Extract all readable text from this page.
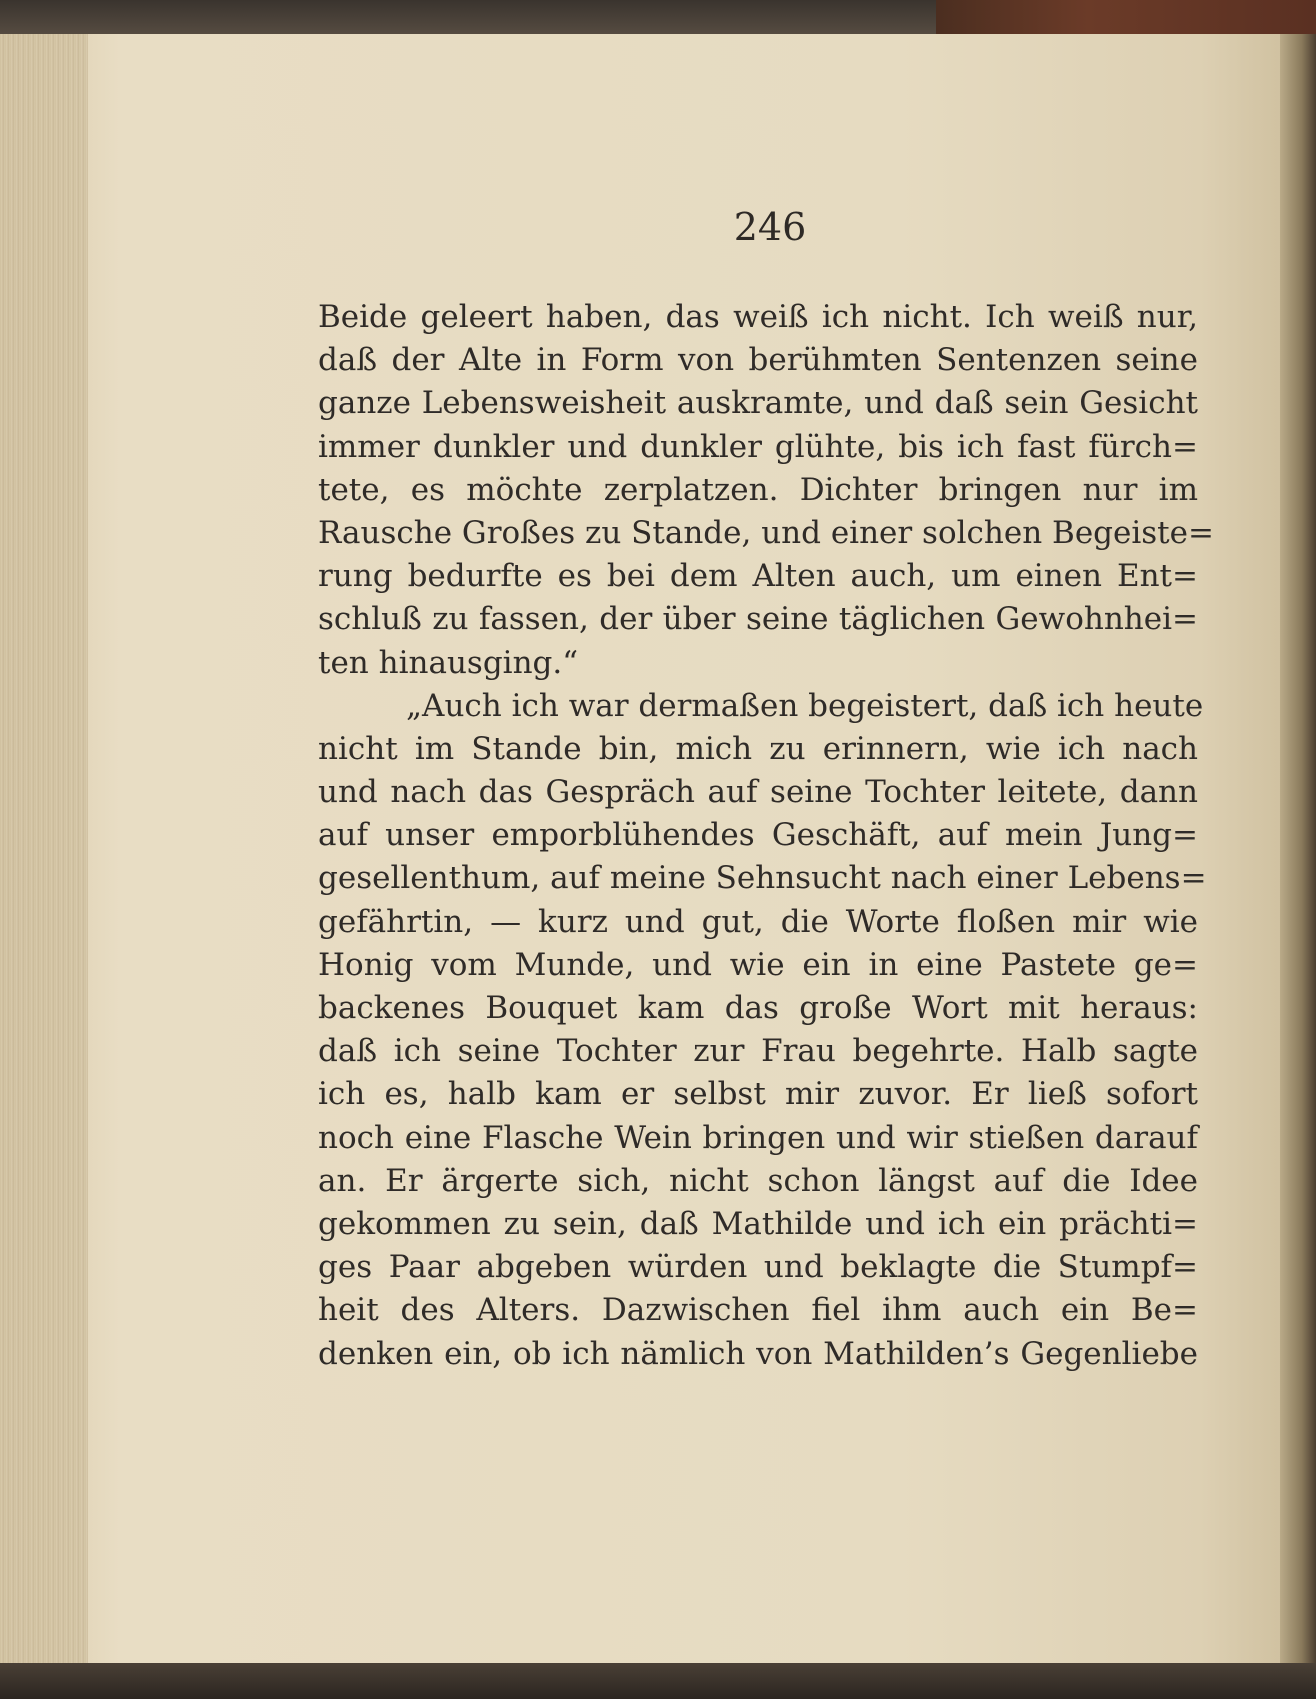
246

Beide geleert haben, das weiß ich nicht. Ich weiß nur,
daß der Alte in Form von berühmten Sentenzen seine
ganze Lebensweisheit auskramte, und daß sein Gesicht
immer dunkler und dunkler glühte, bis ich fast fürch=
tete, es möchte zerplatzen. Dichter bringen nur im
Rausche Großes zu Stande, und einer solchen Begeiste=
rung bedurfte es bei dem Alten auch, um einen Ent=
schluß zu fassen, der über seine täglichen Gewohnhei=
ten hinausging.“
„Auch ich war dermaßen begeistert, daß ich heute
nicht im Stande bin, mich zu erinnern, wie ich nach
und nach das Gespräch auf seine Tochter leitete, dann
auf unser emporblühendes Geschäft, auf mein Jung=
gesellenthum, auf meine Sehnsucht nach einer Lebens=
gefährtin, — kurz und gut, die Worte floßen mir wie
Honig vom Munde, und wie ein in eine Pastete ge=
backenes Bouquet kam das große Wort mit heraus:
daß ich seine Tochter zur Frau begehrte. Halb sagte
ich es, halb kam er selbst mir zuvor. Er ließ sofort
noch eine Flasche Wein bringen und wir stießen darauf
an. Er ärgerte sich, nicht schon längst auf die Idee
gekommen zu sein, daß Mathilde und ich ein prächti=
ges Paar abgeben würden und beklagte die Stumpf=
heit des Alters. Dazwischen fiel ihm auch ein Be=
denken ein, ob ich nämlich von Mathilden’s Gegenliebe
